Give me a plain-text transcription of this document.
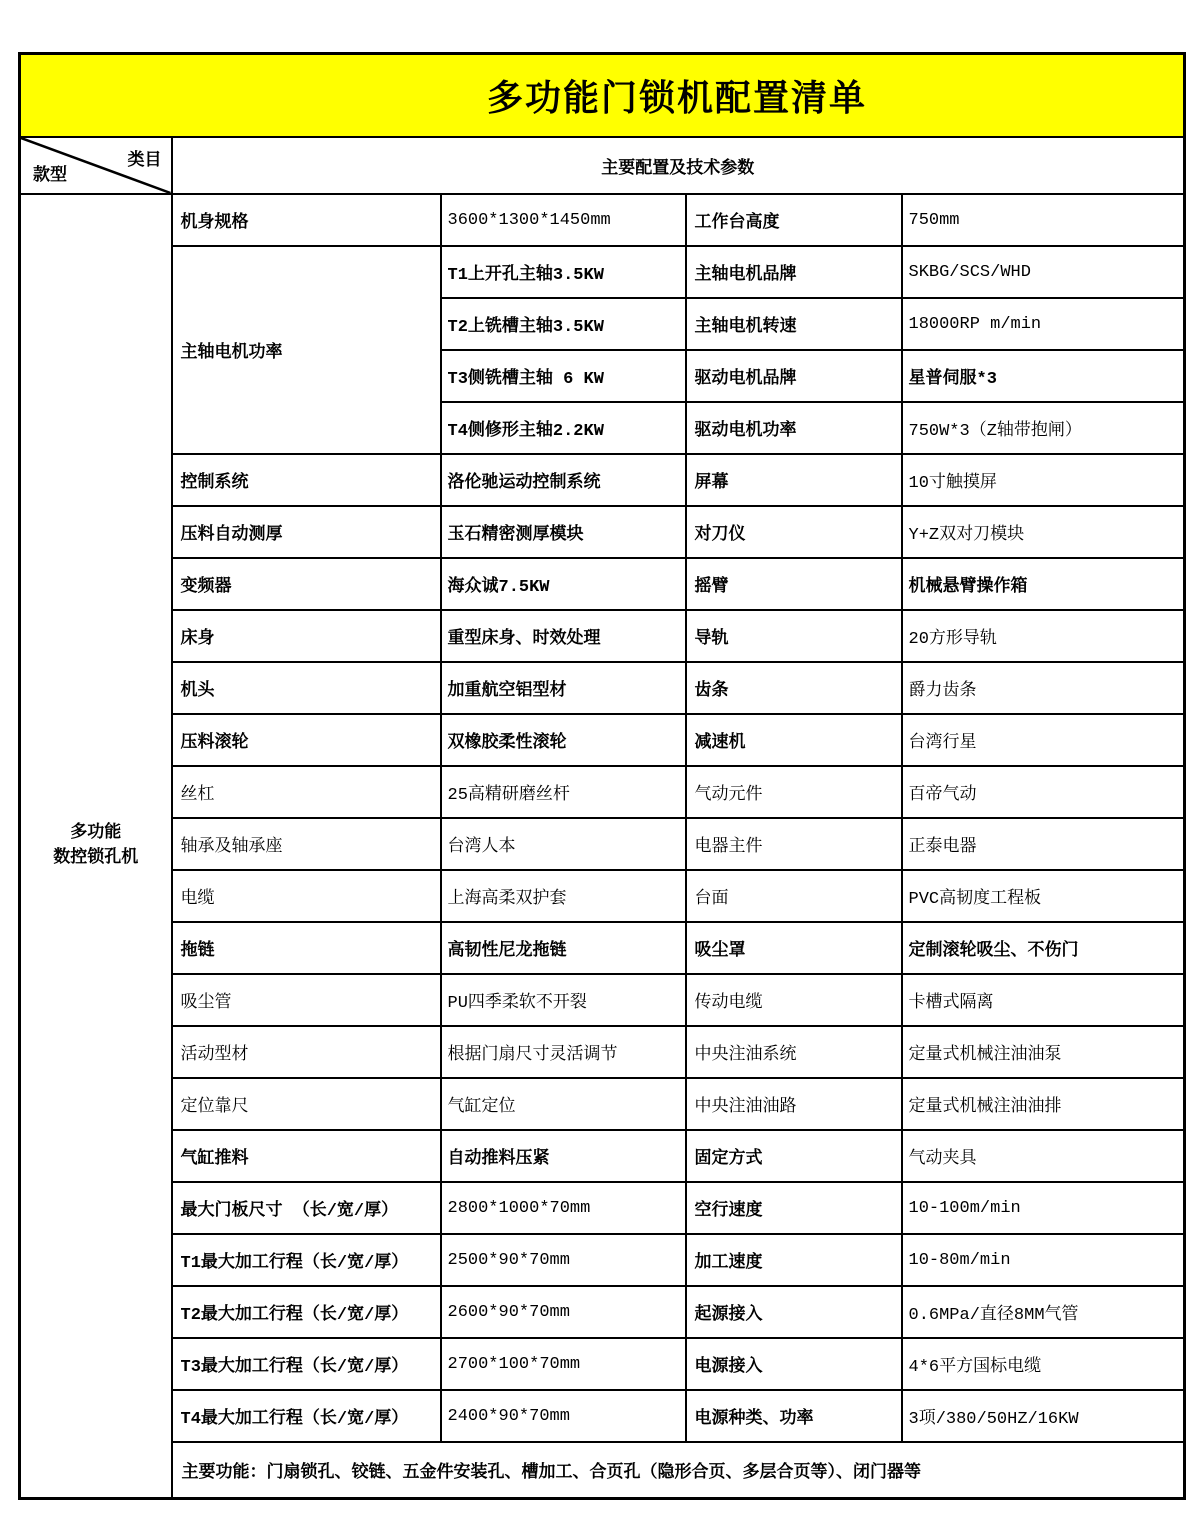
多功能门锁机配置清单				

类目
款型	主要配置及技术参数			
多功能
数控锁孔机	机身规格	3600*1300*1450mm	工作台高度	750mm
	主轴电机功率	T1上开孔主轴3.5KW	主轴电机品牌	SKBG/SCS/WHD
		T2上铣槽主轴3.5KW	主轴电机转速	18000RP m/min
		T3侧铣槽主轴 6 KW	驱动电机品牌	星普伺服*3
		T4侧修形主轴2.2KW	驱动电机功率	750W*3（Z轴带抱闸）
	控制系统	洛伦驰运动控制系统	屏幕	10寸触摸屏
	压料自动测厚	玉石精密测厚模块	对刀仪	Y+Z双对刀模块
	变频器	海众诚7.5KW	摇臂	机械悬臂操作箱
	床身	重型床身、时效处理	导轨	20方形导轨
	机头	加重航空铝型材	齿条	爵力齿条
	压料滚轮	双橡胶柔性滚轮	减速机	台湾行星
	丝杠	25高精研磨丝杆	气动元件	百帝气动
	轴承及轴承座	台湾人本	电器主件	正泰电器
	电缆	上海高柔双护套	台面	PVC高韧度工程板
	拖链	高韧性尼龙拖链	吸尘罩	定制滚轮吸尘、不伤门
	吸尘管	PU四季柔软不开裂	传动电缆	卡槽式隔离
	活动型材	根据门扇尺寸灵活调节	中央注油系统	定量式机械注油油泵
	定位靠尺	气缸定位	中央注油油路	定量式机械注油油排
	气缸推料	自动推料压紧	固定方式	气动夹具
	最大门板尺寸 （长/宽/厚）	2800*1000*70mm	空行速度	10-100m/min
	T1最大加工行程（长/宽/厚）	2500*90*70mm	加工速度	10-80m/min
	T2最大加工行程（长/宽/厚）	2600*90*70mm	起源接入	0.6MPa/直径8MM气管
	T3最大加工行程（长/宽/厚）	2700*100*70mm	电源接入	4*6平方国标电缆
	T4最大加工行程（长/宽/厚）	2400*90*70mm	电源种类、功率	3项/380/50HZ/16KW
	主要功能：门扇锁孔、铰链、五金件安装孔、槽加工、合页孔（隐形合页、多层合页等）、闭门器等			
